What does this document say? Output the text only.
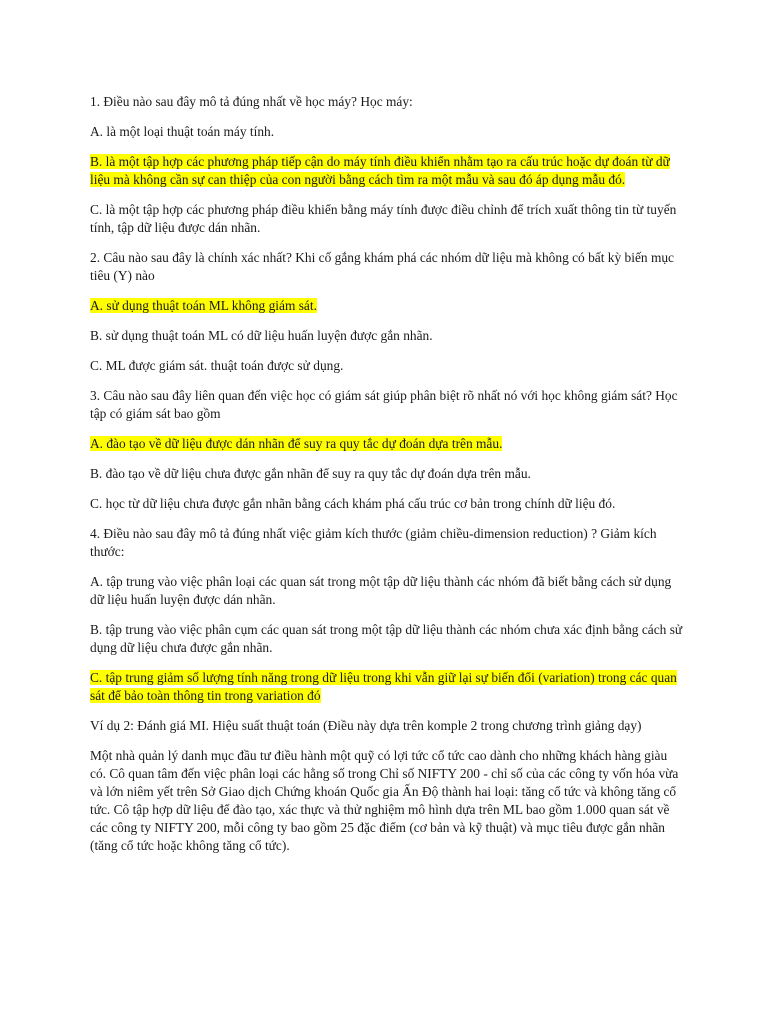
1. Điều nào sau đây mô tả đúng nhất về học máy? Học máy:

A. là một loại thuật toán máy tính.

B. là một tập hợp các phương pháp tiếp cận do máy tính điều khiển nhằm tạo ra cấu trúc hoặc dự đoán từ dữ liệu mà không cần sự can thiệp của con người bằng cách tìm ra một mẫu và sau đó áp dụng mẫu đó.

C. là một tập hợp các phương pháp điều khiển bằng máy tính được điều chỉnh để trích xuất thông tin từ tuyến tính, tập dữ liệu được dán nhãn.

2. Câu nào sau đây là chính xác nhất? Khi cố gắng khám phá các nhóm dữ liệu mà không có bất kỳ biến mục tiêu (Y) nào

A. sử dụng thuật toán ML không giám sát.

B. sử dụng thuật toán ML có dữ liệu huấn luyện được gắn nhãn.

C. ML được giám sát. thuật toán được sử dụng.

3. Câu nào sau đây liên quan đến việc học có giám sát giúp phân biệt rõ nhất nó với học không giám sát? Học tập có giám sát bao gồm

A. đào tạo về dữ liệu được dán nhãn để suy ra quy tắc dự đoán dựa trên mẫu.

B. đào tạo về dữ liệu chưa được gắn nhãn để suy ra quy tắc dự đoán dựa trên mẫu.

C. học từ dữ liệu chưa được gắn nhãn bằng cách khám phá cấu trúc cơ bản trong chính dữ liệu đó.

4. Điều nào sau đây mô tả đúng nhất việc giảm kích thước (giảm chiều-dimension reduction) ? Giảm kích thước:

A. tập trung vào việc phân loại các quan sát trong một tập dữ liệu thành các nhóm đã biết bằng cách sử dụng dữ liệu huấn luyện được dán nhãn.

B. tập trung vào việc phân cụm các quan sát trong một tập dữ liệu thành các nhóm chưa xác định bằng cách sử dụng dữ liệu chưa được gắn nhãn.

C. tập trung giảm số lượng tính năng trong dữ liệu trong khi vẫn giữ lại sự biến đổi (variation) trong các quan sát để bảo toàn thông tin trong variation đó

Ví dụ 2: Đánh giá MI. Hiệu suất thuật toán (Điều này dựa trên komple 2 trong chương trình giảng dạy)

Một nhà quản lý danh mục đầu tư điều hành một quỹ có lợi tức cổ tức cao dành cho những khách hàng giàu có. Cô quan tâm đến việc phân loại các hằng số trong Chỉ số NIFTY 200 - chỉ số của các công ty vốn hóa vừa và lớn niêm yết trên Sở Giao dịch Chứng khoán Quốc gia Ấn Độ thành hai loại: tăng cổ tức và không tăng cổ tức. Cô tập hợp dữ liệu để đào tạo, xác thực và thử nghiệm mô hình dựa trên ML bao gồm 1.000 quan sát về các công ty NIFTY 200, mỗi công ty bao gồm 25 đặc điểm (cơ bản và kỹ thuật) và mục tiêu được gắn nhãn (tăng cổ tức hoặc không tăng cổ tức).
